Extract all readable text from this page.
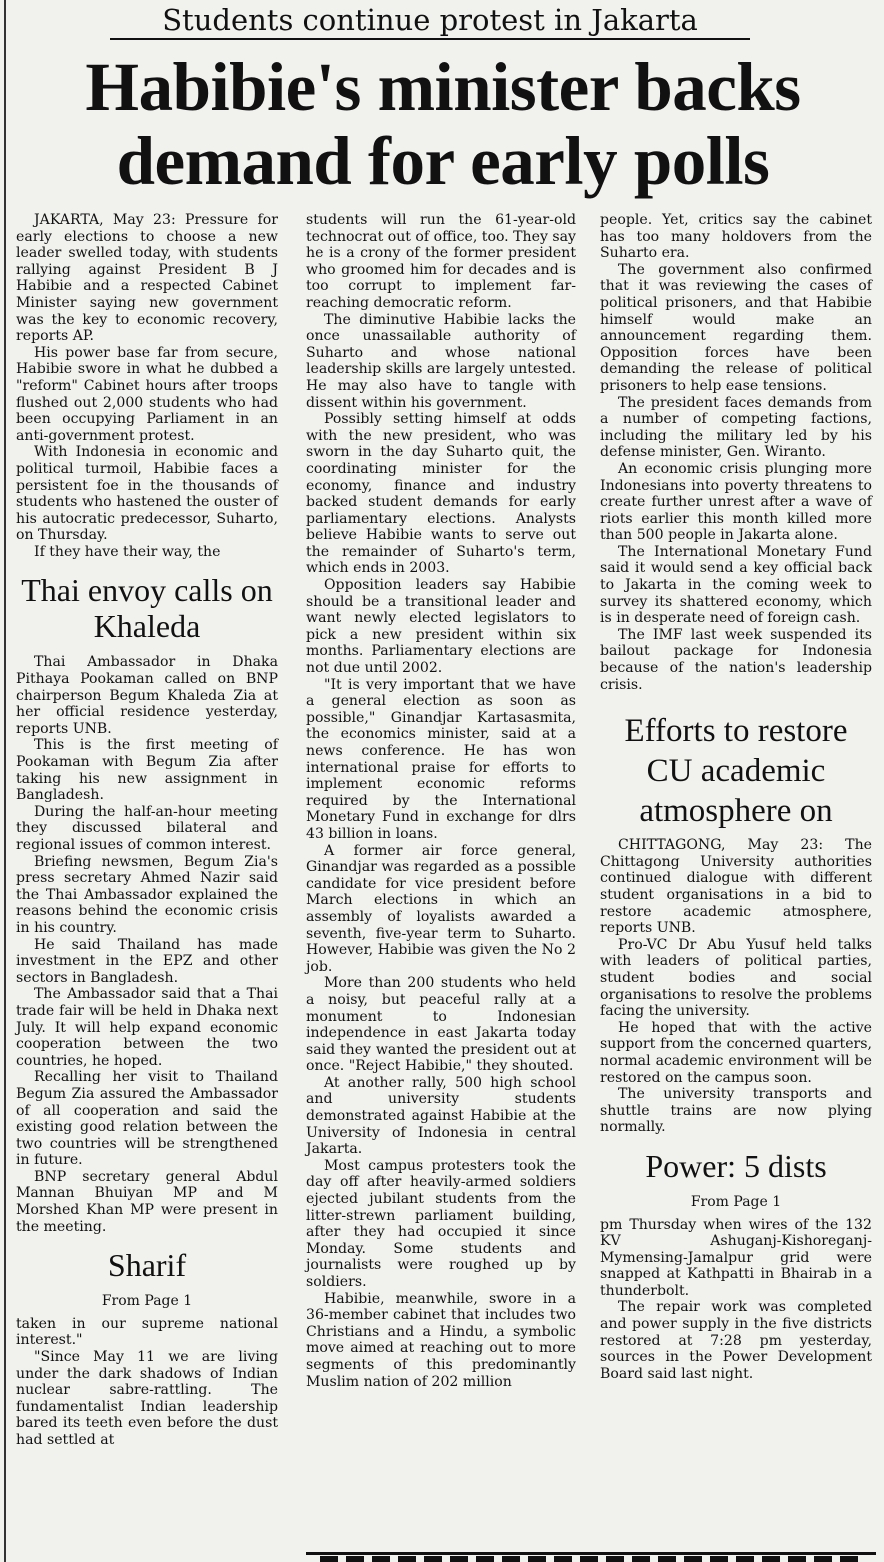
Students continue protest in Jakarta
Habibie's minister backs
demand for early polls

JAKARTA, May 23: Pressure for early elections to choose a new leader swelled today, with students rallying against President B J Habibie and a respected Cabinet Minister saying new government was the key to economic recovery, reports AP.

His power base far from secure, Habibie swore in what he dubbed a "reform" Cabinet hours after troops flushed out 2,000 students who had been occupying Parliament in an anti-government protest.

With Indonesia in economic and political turmoil, Habibie faces a persistent foe in the thousands of students who hastened the ouster of his autocratic predecessor, Suharto, on Thursday.

If they have their way, the

Thai envoy calls on Khaleda

Thai Ambassador in Dhaka Pithaya Pookaman called on BNP chairperson Begum Khaleda Zia at her official residence yesterday, reports UNB.

This is the first meeting of Pookaman with Begum Zia after taking his new assignment in Bangladesh.

During the half-an-hour meeting they discussed bilateral and regional issues of common interest.

Briefing newsmen, Begum Zia's press secretary Ahmed Nazir said the Thai Ambassador explained the reasons behind the economic crisis in his country.

He said Thailand has made investment in the EPZ and other sectors in Bangladesh.

The Ambassador said that a Thai trade fair will be held in Dhaka next July. It will help expand economic cooperation between the two countries, he hoped.

Recalling her visit to Thailand Begum Zia assured the Ambassador of all cooperation and said the existing good relation between the two countries will be strengthened in future.

BNP secretary general Abdul Mannan Bhuiyan MP and M Morshed Khan MP were present in the meeting.

Sharif
From Page 1

taken in our supreme national interest."

"Since May 11 we are living under the dark shadows of Indian nuclear sabre-rattling. The fundamentalist Indian leadership bared its teeth even before the dust had settled at

students will run the 61-year-old technocrat out of office, too. They say he is a crony of the former president who groomed him for decades and is too corrupt to implement far-reaching democratic reform.

The diminutive Habibie lacks the once unassailable authority of Suharto and whose national leadership skills are largely untested. He may also have to tangle with dissent within his government.

Possibly setting himself at odds with the new president, who was sworn in the day Suharto quit, the coordinating minister for the economy, finance and industry backed student demands for early parliamentary elections. Analysts believe Habibie wants to serve out the remainder of Suharto's term, which ends in 2003.

Opposition leaders say Habibie should be a transitional leader and want newly elected legislators to pick a new president within six months. Parliamentary elections are not due until 2002.

"It is very important that we have a general election as soon as possible," Ginandjar Kartasasmita, the economics minister, said at a news conference. He has won international praise for efforts to implement economic reforms required by the International Monetary Fund in exchange for dlrs 43 billion in loans.

A former air force general, Ginandjar was regarded as a possible candidate for vice president before March elections in which an assembly of loyalists awarded a seventh, five-year term to Suharto. However, Habibie was given the No 2 job.

More than 200 students who held a noisy, but peaceful rally at a monument to Indonesian independence in east Jakarta today said they wanted the president out at once. "Reject Habibie," they shouted.

At another rally, 500 high school and university students demonstrated against Habibie at the University of Indonesia in central Jakarta.

Most campus protesters took the day off after heavily-armed soldiers ejected jubilant students from the litter-strewn parliament building, after they had occupied it since Monday. Some students and journalists were roughed up by soldiers.

Habibie, meanwhile, swore in a 36-member cabinet that includes two Christians and a Hindu, a symbolic move aimed at reaching out to more segments of this predominantly Muslim nation of 202 million

people. Yet, critics say the cabinet has too many holdovers from the Suharto era.

The government also confirmed that it was reviewing the cases of political prisoners, and that Habibie himself would make an announcement regarding them. Opposition forces have been demanding the release of political prisoners to help ease tensions.

The president faces demands from a number of competing factions, including the military led by his defense minister, Gen. Wiranto.

An economic crisis plunging more Indonesians into poverty threatens to create further unrest after a wave of riots earlier this month killed more than 500 people in Jakarta alone.

The International Monetary Fund said it would send a key official back to Jakarta in the coming week to survey its shattered economy, which is in desperate need of foreign cash.

The IMF last week suspended its bailout package for Indonesia because of the nation's leadership crisis.

Efforts to restore CU academic atmosphere on

CHITTAGONG, May 23: The Chittagong University authorities continued dialogue with different student organisations in a bid to restore academic atmosphere, reports UNB.

Pro-VC Dr Abu Yusuf held talks with leaders of political parties, student bodies and social organisations to resolve the problems facing the university.

He hoped that with the active support from the concerned quarters, normal academic environment will be restored on the campus soon.

The university transports and shuttle trains are now plying normally.

Power: 5 dists
From Page 1

pm Thursday when wires of the 132 KV Ashuganj-Kishoreganj-Mymensing-Jamalpur grid were snapped at Kathpatti in Bhairab in a thunderbolt.

The repair work was completed and power supply in the five districts restored at 7:28 pm yesterday, sources in the Power Development Board said last night.
